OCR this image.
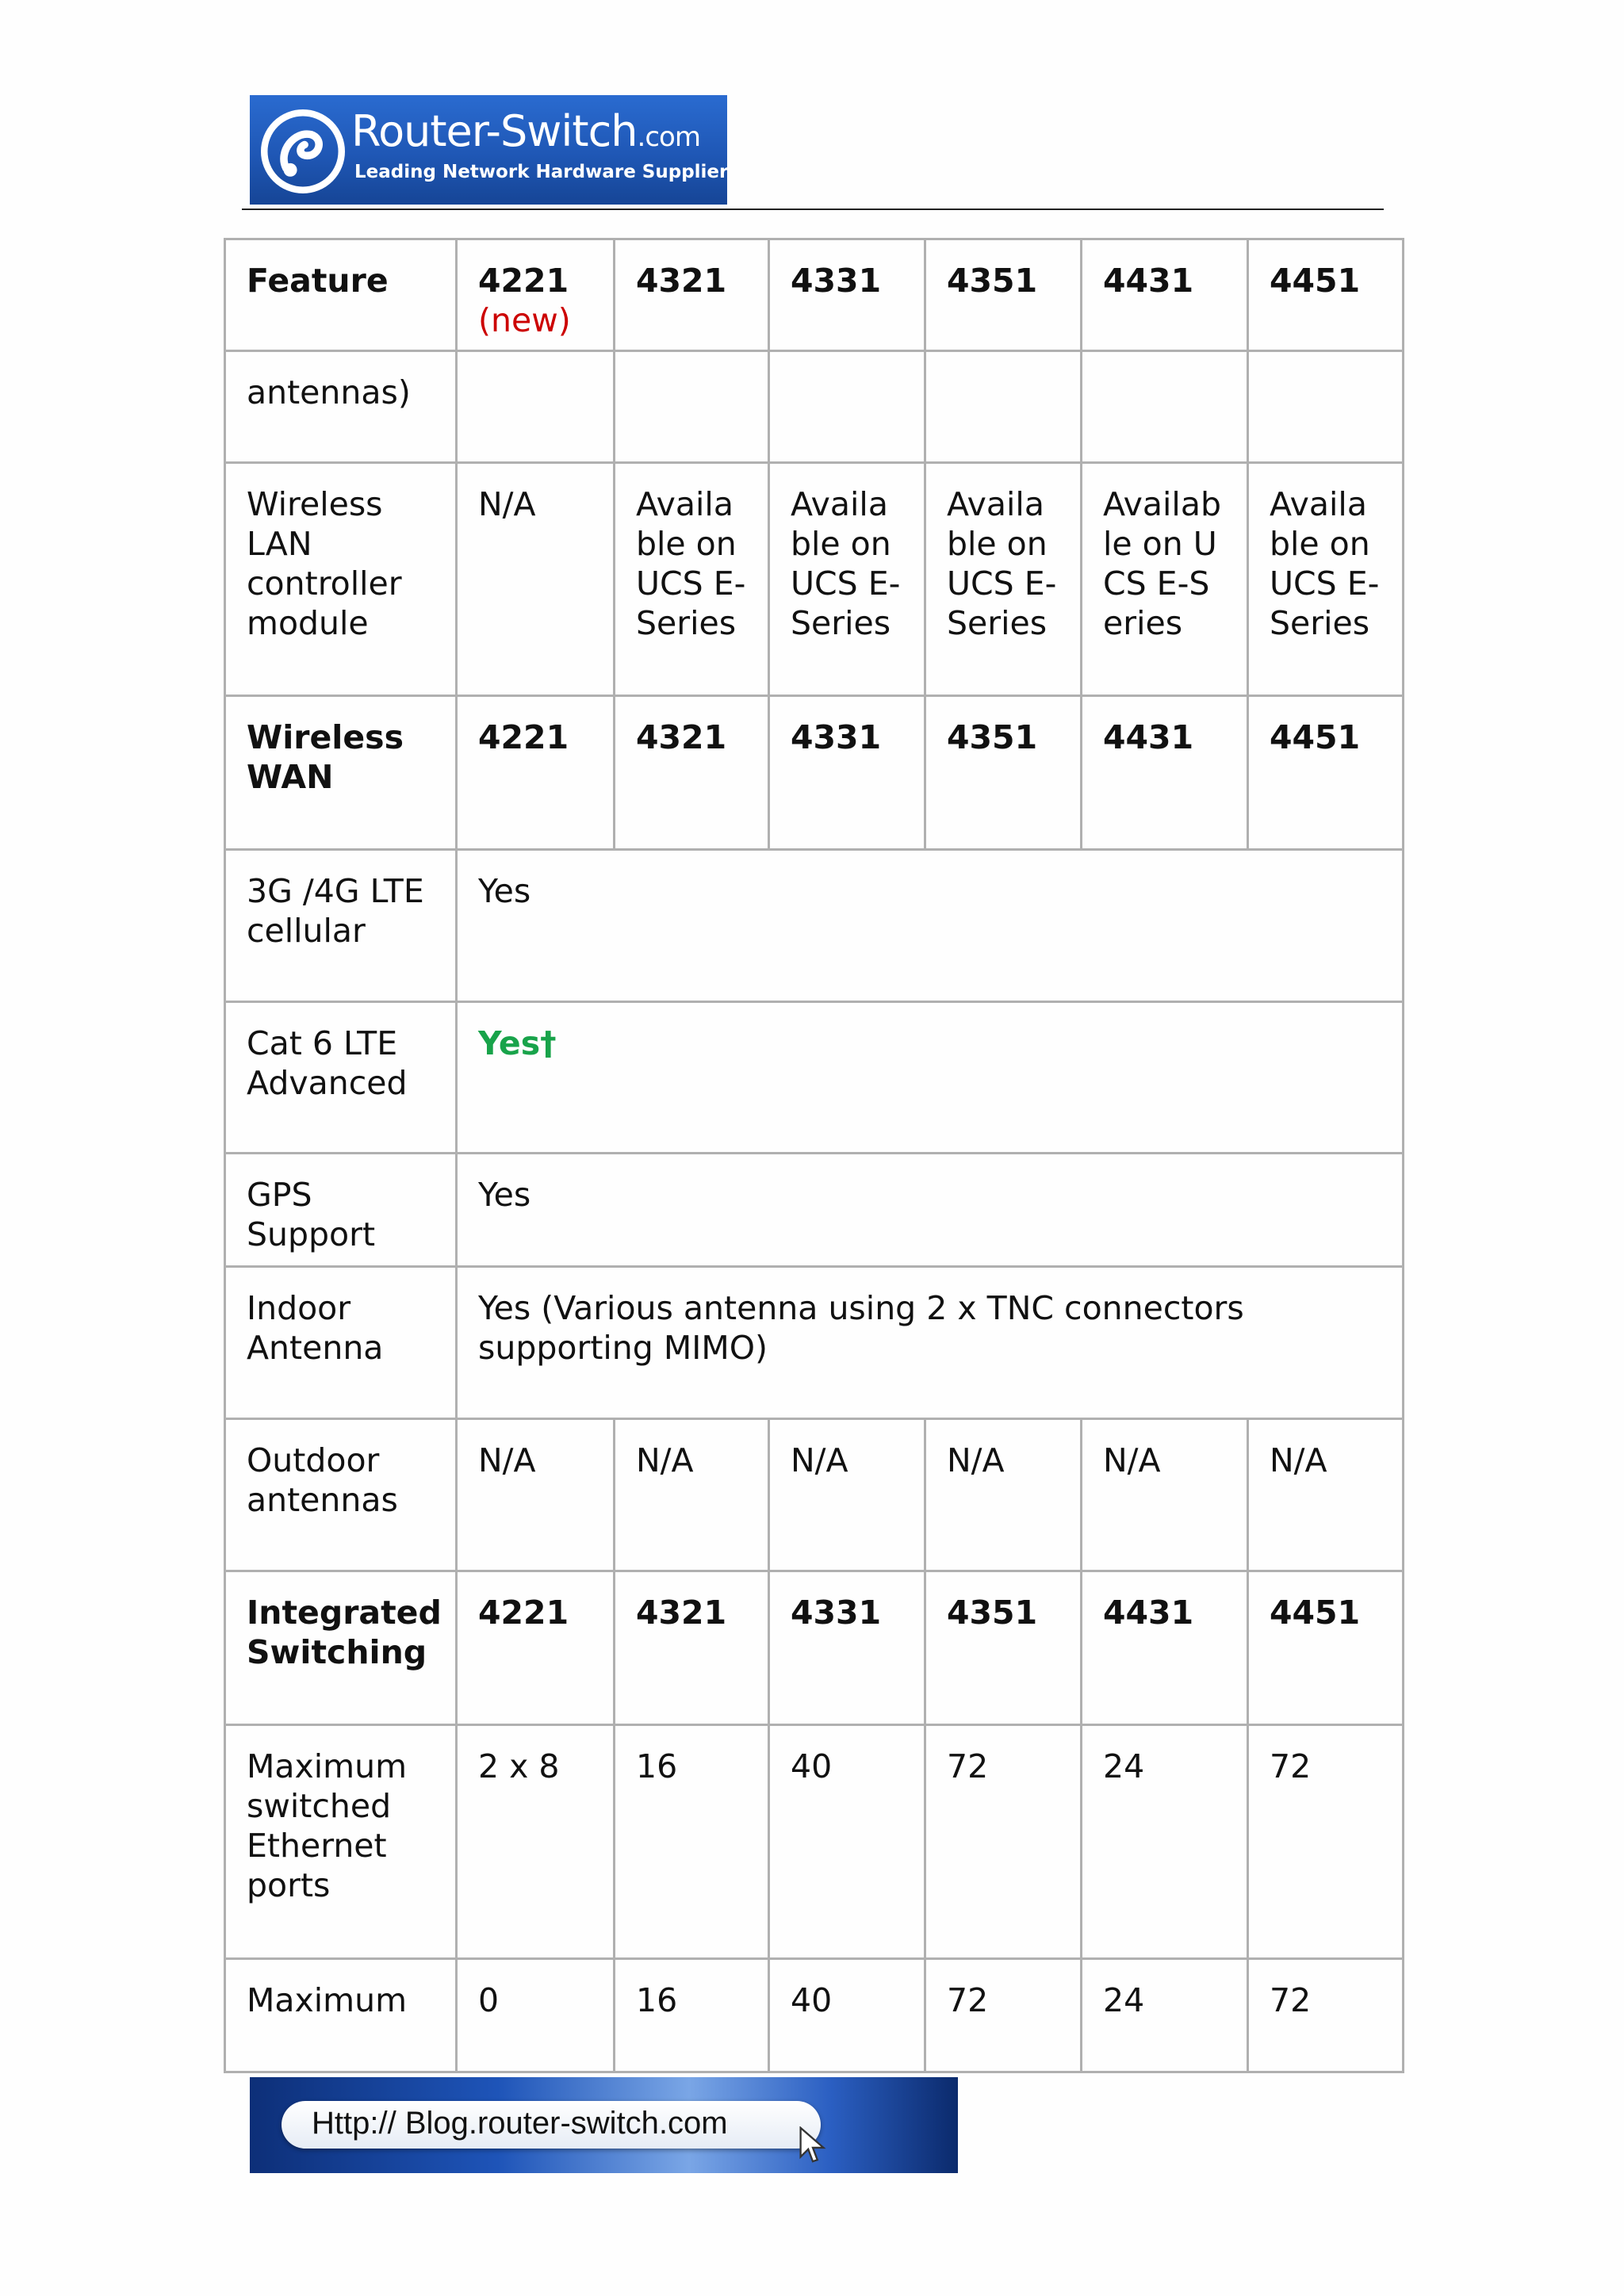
Router-Switch.com
Leading Network Hardware Supplier
Feature	4221(new)	4321	4331	4351	4431	4451
antennas)						
Wireless LAN controller module	N/A	Available on UCS E-Series	Available on UCS E-Series	Available on UCS E-Series	Available on UCS E-Series	Available on UCS E-Series
Wireless WAN	4221	4321	4331	4351	4431	4451
3G /4G LTE cellular	Yes					
Cat 6 LTE Advanced	Yes†					
GPS Support	Yes					
Indoor Antenna	Yes (Various antenna using 2 x TNC connectors supporting MIMO)					
Outdoor antennas	N/A	N/A	N/A	N/A	N/A	N/A
Integrated Switching	4221	4321	4331	4351	4431	4451
Maximum switched Ethernet ports	2 x 8	16	40	72	24	72
Maximum	0	16	40	72	24	72
Http:// Blog.router-switch.com
